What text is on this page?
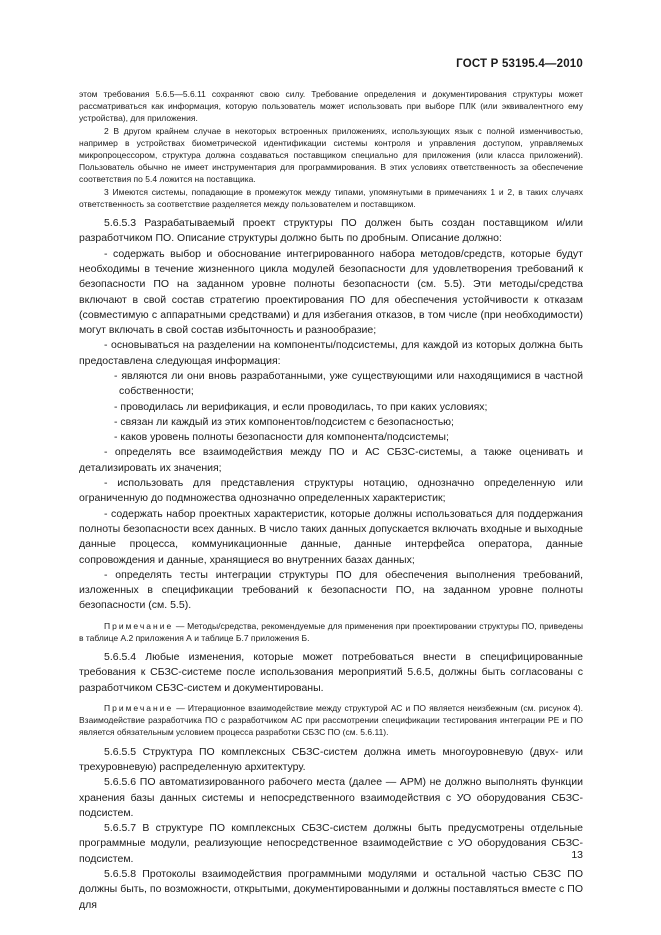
ГОСТ Р 53195.4—2010

этом требования 5.6.5—5.6.11 сохраняют свою силу. Требование определения и документирования структуры может рассматриваться как информация, которую пользователь может использовать при выборе ПЛК (или эквивалентного ему устройства), для приложения.

2 В другом крайнем случае в некоторых встроенных приложениях, использующих язык с полной изменчивостью, например в устройствах биометрической идентификации системы контроля и управления доступом, управляемых микропроцессором, структура должна создаваться поставщиком специально для приложения (или класса приложений). Пользователь обычно не имеет инструментария для программирования. В этих условиях ответственность за обеспечение соответствия по 5.4 ложится на поставщика.

3 Имеются системы, попадающие в промежуток между типами, упомянутыми в примечаниях 1 и 2, в таких случаях ответственность за соответствие разделяется между пользователем и поставщиком.

5.6.5.3 Разрабатываемый проект структуры ПО должен быть создан поставщиком и/или разработчиком ПО. Описание структуры должно быть по дробным. Описание должно:

- содержать выбор и обоснование интегрированного набора методов/средств, которые будут необходимы в течение жизненного цикла модулей безопасности для удовлетворения требований к безопасности ПО на заданном уровне полноты безопасности (см. 5.5). Эти методы/средства включают в свой состав стратегию проектирования ПО для обеспечения устойчивости к отказам (совместимую с аппаратными средствами) и для избегания отказов, в том числе (при необходимости) могут включать в свой состав избыточность и разнообразие;

- основываться на разделении на компоненты/подсистемы, для каждой из которых должна быть предоставлена следующая информация:

- являются ли они вновь разработанными, уже существующими или находящимися в частной собственности;

- проводилась ли верификация, и если проводилась, то при каких условиях;

- связан ли каждый из этих компонентов/подсистем с безопасностью;

- каков уровень полноты безопасности для компонента/подсистемы;

- определять все взаимодействия между ПО и АС СБЗС-системы, а также оценивать и детализировать их значения;

- использовать для представления структуры нотацию, однозначно определенную или ограниченную до подмножества однозначно определенных характеристик;

- содержать набор проектных характеристик, которые должны использоваться для поддержания полноты безопасности всех данных. В число таких данных допускается включать входные и выходные данные процесса, коммуникационные данные, данные интерфейса оператора, данные сопровождения и данные, хранящиеся во внутренних базах данных;

- определять тесты интеграции структуры ПО для обеспечения выполнения требований, изложенных в спецификации требований к безопасности ПО, на заданном уровне полноты безопасности (см. 5.5).

Примечание — Методы/средства, рекомендуемые для применения при проектировании структуры ПО, приведены в таблице А.2 приложения А и таблице Б.7 приложения Б.

5.6.5.4 Любые изменения, которые может потребоваться внести в специфицированные требования к СБЗС-системе после использования мероприятий 5.6.5, должны быть согласованы с разработчиком СБЗС-систем и документированы.

Примечание — Итерационное взаимодействие между структурой АС и ПО является неизбежным (см. рисунок 4). Взаимодействие разработчика ПО с разработчиком АС при рассмотрении спецификации тестирования интеграции РЕ и ПО является обязательным условием процесса разработки СБЗС ПО (см. 5.6.11).

5.6.5.5 Структура ПО комплексных СБЗС-систем должна иметь многоуровневую (двух- или трехуровневую) распределенную архитектуру.

5.6.5.6 ПО автоматизированного рабочего места (далее — АРМ) не должно выполнять функции хранения базы данных системы и непосредственного взаимодействия с УО оборудования СБЗС-подсистем.

5.6.5.7 В структуре ПО комплексных СБЗС-систем должны быть предусмотрены отдельные программные модули, реализующие непосредственное взаимодействие с УО оборудования СБЗС-подсистем.

5.6.5.8 Протоколы взаимодействия программными модулями и остальной частью СБЗС ПО должны быть, по возможности, открытыми, документированными и должны поставляться вместе с ПО для

13
